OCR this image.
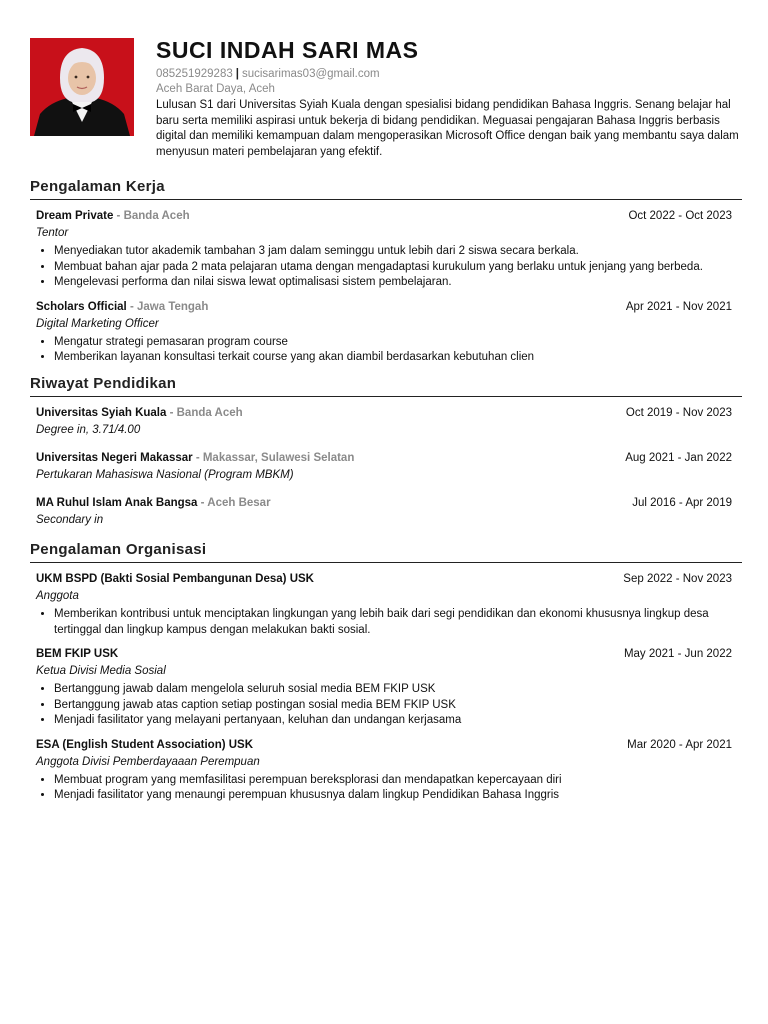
SUCI INDAH SARI MAS
085251929283 | sucisarimas03@gmail.com
Aceh Barat Daya, Aceh
Lulusan S1 dari Universitas Syiah Kuala dengan spesialisi bidang pendidikan Bahasa Inggris. Senang belajar hal baru serta memiliki aspirasi untuk bekerja di bidang pendidikan. Meguasai pengajaran Bahasa Inggris berbasis digital dan memiliki kemampuan dalam mengoperasikan Microsoft Office dengan baik yang membantu saya dalam menyusun materi pembelajaran yang efektif.
Pengalaman Kerja
Dream Private - Banda Aceh	Oct 2022 - Oct 2023
Tentor
• Menyediakan tutor akademik tambahan 3 jam dalam seminggu untuk lebih dari 2 siswa secara berkala.
• Membuat bahan ajar pada 2 mata pelajaran utama dengan mengadaptasi kurukulum yang berlaku untuk jenjang yang berbeda.
• Mengelevasi performa dan nilai siswa lewat optimalisasi sistem pembelajaran.
Scholars Official - Jawa Tengah	Apr 2021 - Nov 2021
Digital Marketing Officer
• Mengatur strategi pemasaran program course
• Memberikan layanan konsultasi terkait course yang akan diambil berdasarkan kebutuhan clien
Riwayat Pendidikan
Universitas Syiah Kuala - Banda Aceh	Oct 2019 - Nov 2023
Degree in, 3.71/4.00
Universitas Negeri Makassar - Makassar, Sulawesi Selatan	Aug 2021 - Jan 2022
Pertukaran Mahasiswa Nasional (Program MBKM)
MA Ruhul Islam Anak Bangsa - Aceh Besar	Jul 2016 - Apr 2019
Secondary in
Pengalaman Organisasi
UKM BSPD (Bakti Sosial Pembangunan Desa) USK	Sep 2022 - Nov 2023
Anggota
• Memberikan kontribusi untuk menciptakan lingkungan yang lebih baik dari segi pendidikan dan ekonomi khususnya lingkup desa tertinggal dan lingkup kampus dengan melakukan bakti sosial.
BEM FKIP USK	May 2021 - Jun 2022
Ketua Divisi Media Sosial
• Bertanggung jawab dalam mengelola seluruh sosial media BEM FKIP USK
• Bertanggung jawab atas caption setiap postingan sosial media BEM FKIP USK
• Menjadi fasilitator yang melayani pertanyaan, keluhan dan undangan kerjasama
ESA (English Student Association) USK	Mar 2020 - Apr 2021
Anggota Divisi Pemberdayaaan Perempuan
• Membuat program yang memfasilitasi perempuan bereksplorasi dan mendapatkan kepercayaan diri
• Menjadi fasilitator yang menaungi perempuan khususnya dalam lingkup Pendidikan Bahasa Inggris
